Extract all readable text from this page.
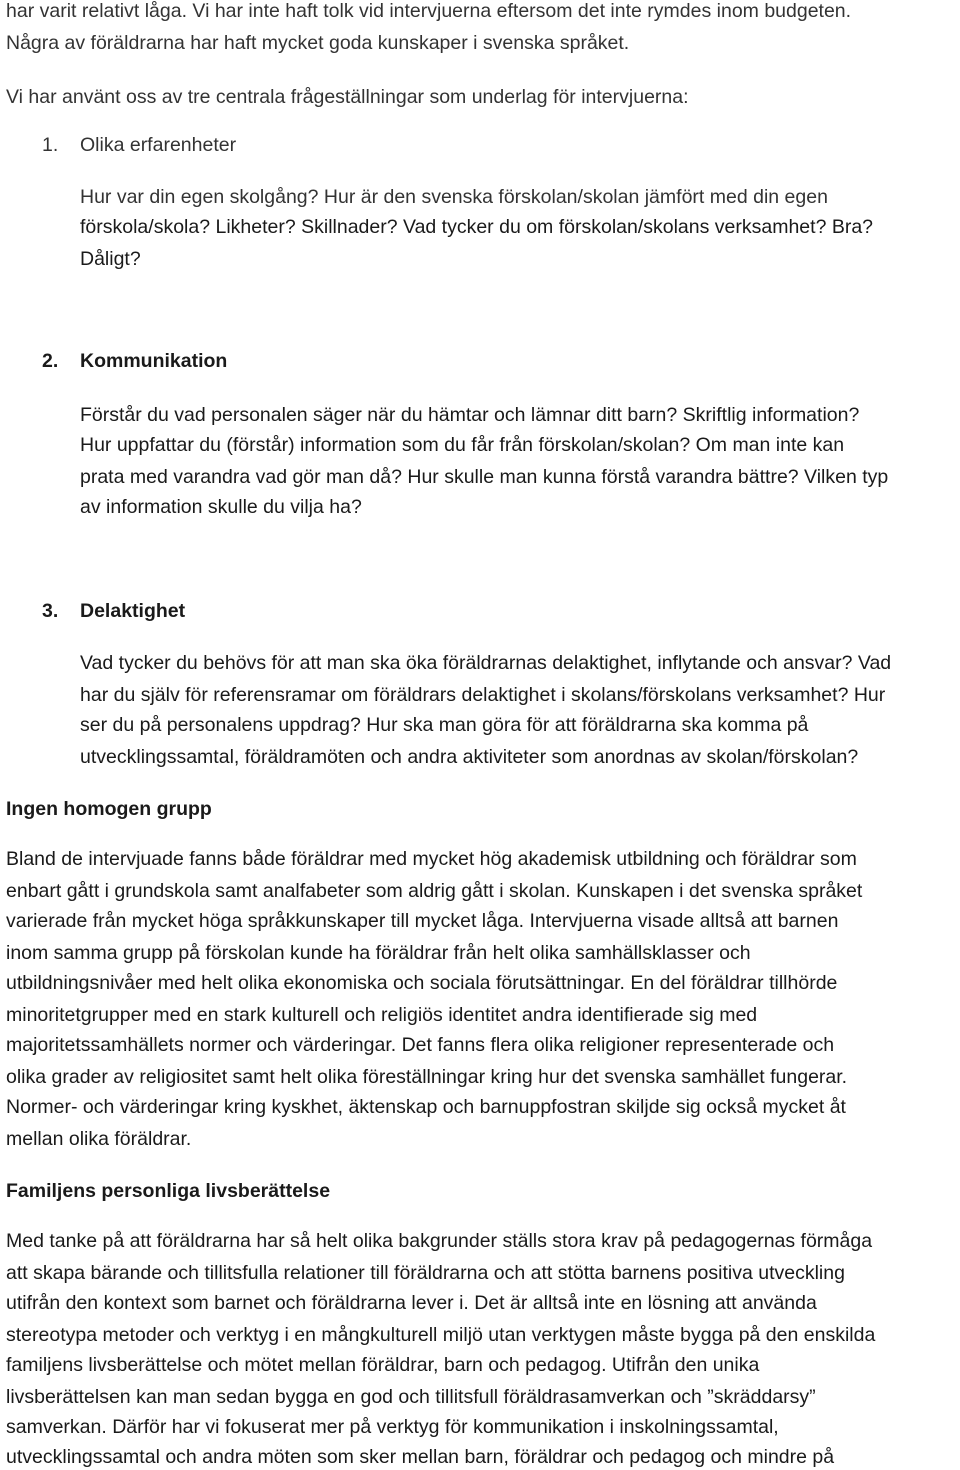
har varit relativt låga. Vi har inte haft tolk vid intervjuerna eftersom det inte rymdes inom budgeten.
Några av föräldrarna har haft mycket goda kunskaper i svenska språket.
Vi har använt oss av tre centrala frågeställningar som underlag för intervjuerna:
1. Olika erfarenheter
Hur var din egen skolgång? Hur är den svenska förskolan/skolan jämfört med din egen
förskola/skola? Likheter? Skillnader? Vad tycker du om förskolan/skolans verksamhet? Bra?
Dåligt?
2. Kommunikation
Förstår du vad personalen säger när du hämtar och lämnar ditt barn? Skriftlig information?
Hur uppfattar du (förstår) information som du får från förskolan/skolan? Om man inte kan
prata med varandra vad gör man då? Hur skulle man kunna förstå varandra bättre? Vilken typ
av information skulle du vilja ha?
3. Delaktighet
Vad tycker du behövs för att man ska öka föräldrarnas delaktighet, inflytande och ansvar? Vad
har du själv för referensramar om föräldrars delaktighet i skolans/förskolans verksamhet? Hur
ser du på personalens uppdrag? Hur ska man göra för att föräldrarna ska komma på
utvecklingssamtal, föräldramöten och andra aktiviteter som anordnas av skolan/förskolan?
Ingen homogen grupp
Bland de intervjuade fanns både föräldrar med mycket hög akademisk utbildning och föräldrar som
enbart gått i grundskola samt analfabeter som aldrig gått i skolan. Kunskapen i det svenska språket
varierade från mycket höga språkkunskaper till mycket låga. Intervjuerna visade alltså att barnen
inom samma grupp på förskolan kunde ha föräldrar från helt olika samhällsklasser och
utbildningsnivåer med helt olika ekonomiska och sociala förutsättningar. En del föräldrar tillhörde
minoritetgrupper med en stark kulturell och religiös identitet andra identifierade sig med
majoritetssamhällets normer och värderingar. Det fanns flera olika religioner representerade och
olika grader av religiositet samt helt olika föreställningar kring hur det svenska samhället fungerar.
Normer- och värderingar kring kyskhet, äktenskap och barnuppfostran skiljde sig också mycket åt
mellan olika föräldrar.
Familjens personliga livsberättelse
Med tanke på att föräldrarna har så helt olika bakgrunder ställs stora krav på pedagogernas förmåga
att skapa bärande och tillitsfulla relationer till föräldrarna och att stötta barnens positiva utveckling
utifrån den kontext som barnet och föräldrarna lever i. Det är alltså inte en lösning att använda
stereotypa metoder och verktyg i en mångkulturell miljö utan verktygen måste bygga på den enskilda
familjens livsberättelse och mötet mellan föräldrar, barn och pedagog. Utifrån den unika
livsberättelsen kan man sedan bygga en god och tillitsfull föräldrasamverkan och ”skräddarsy”
samverkan. Därför har vi fokuserat mer på verktyg för kommunikation i inskolningssamtal,
utvecklingssamtal och andra möten som sker mellan barn, föräldrar och pedagog och mindre på
